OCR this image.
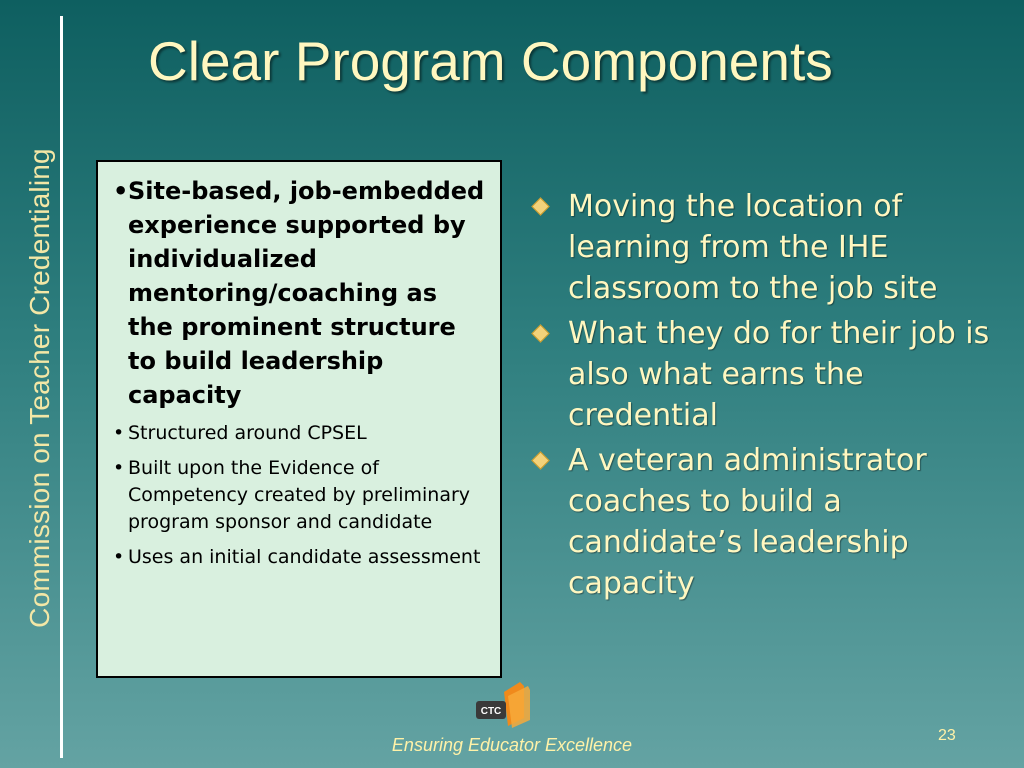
Commission on Teacher Credentialing
Clear Program Components
• Site-based, job-embedded experience supported by individualized mentoring/coaching as the prominent structure to build leadership capacity
• Structured around CPSEL
• Built upon the Evidence of Competency created by preliminary program sponsor and candidate
• Uses an initial candidate assessment
Moving the location of learning from the IHE classroom to the job site
What they do for their job is also what earns the credential
A veteran administrator coaches to build a candidate’s leadership capacity
CTC
Ensuring Educator Excellence	23
